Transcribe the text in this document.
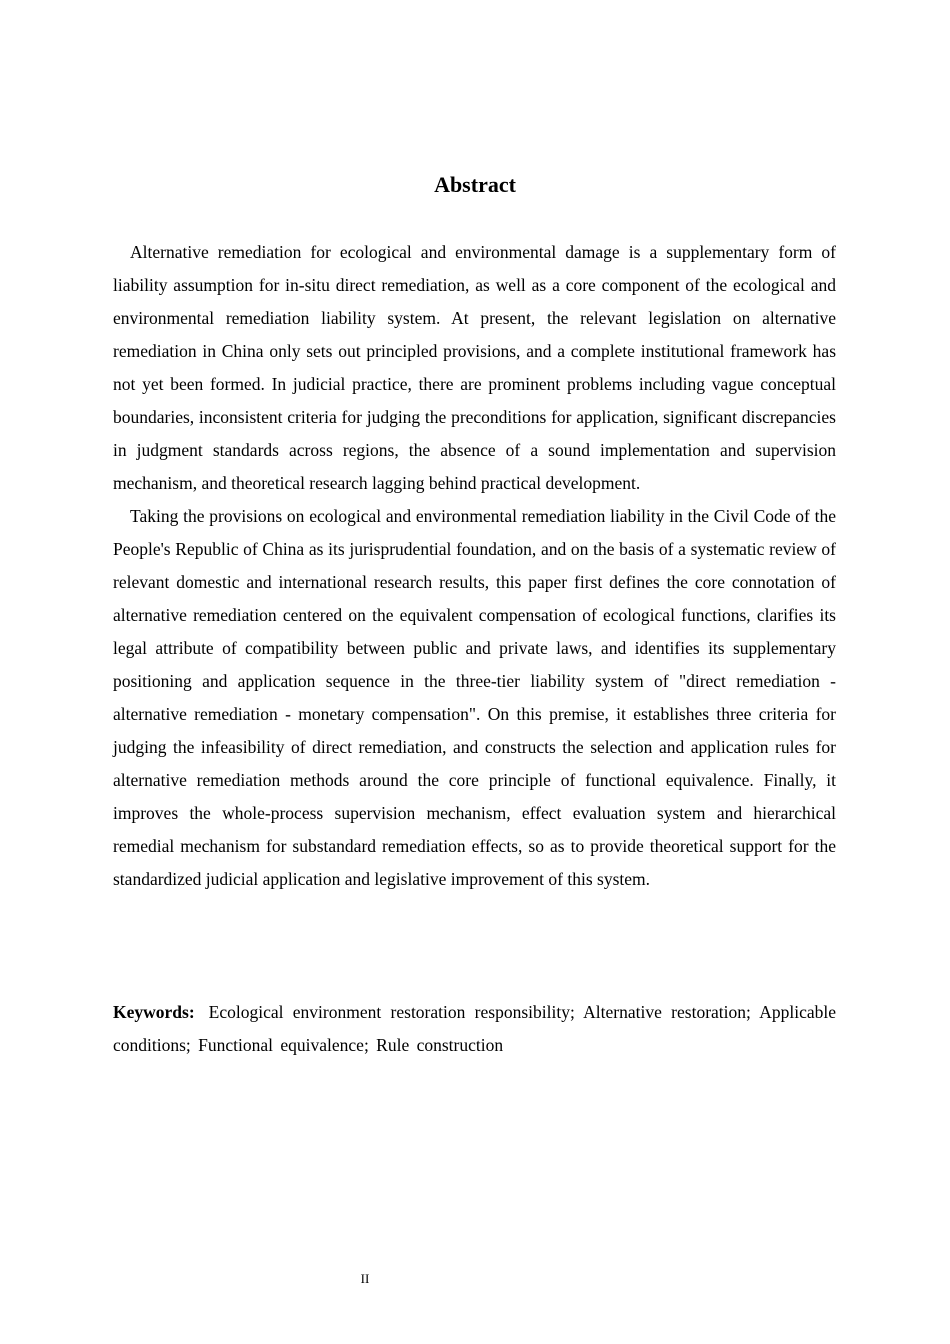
Abstract

Alternative remediation for ecological and environmental damage is a supplementary form of liability assumption for in-situ direct remediation, as well as a core component of the ecological and environmental remediation liability system. At present, the relevant legislation on alternative remediation in China only sets out principled provisions, and a complete institutional framework has not yet been formed. In judicial practice, there are prominent problems including vague conceptual boundaries, inconsistent criteria for judging the preconditions for application, significant discrepancies in judgment standards across regions, the absence of a sound implementation and supervision mechanism, and theoretical research lagging behind practical development.

Taking the provisions on ecological and environmental remediation liability in the Civil Code of the People's Republic of China as its jurisprudential foundation, and on the basis of a systematic review of relevant domestic and international research results, this paper first defines the core connotation of alternative remediation centered on the equivalent compensation of ecological functions, clarifies its legal attribute of compatibility between public and private laws, and identifies its supplementary positioning and application sequence in the three-tier liability system of "direct remediation - alternative remediation - monetary compensation". On this premise, it establishes three criteria for judging the infeasibility of direct remediation, and constructs the selection and application rules for alternative remediation methods around the core principle of functional equivalence. Finally, it improves the whole-process supervision mechanism, effect evaluation system and hierarchical remedial mechanism for substandard remediation effects, so as to provide theoretical support for the standardized judicial application and legislative improvement of this system.

Keywords: Ecological environment restoration responsibility; Alternative restoration; Applicable conditions; Functional equivalence; Rule construction

II
